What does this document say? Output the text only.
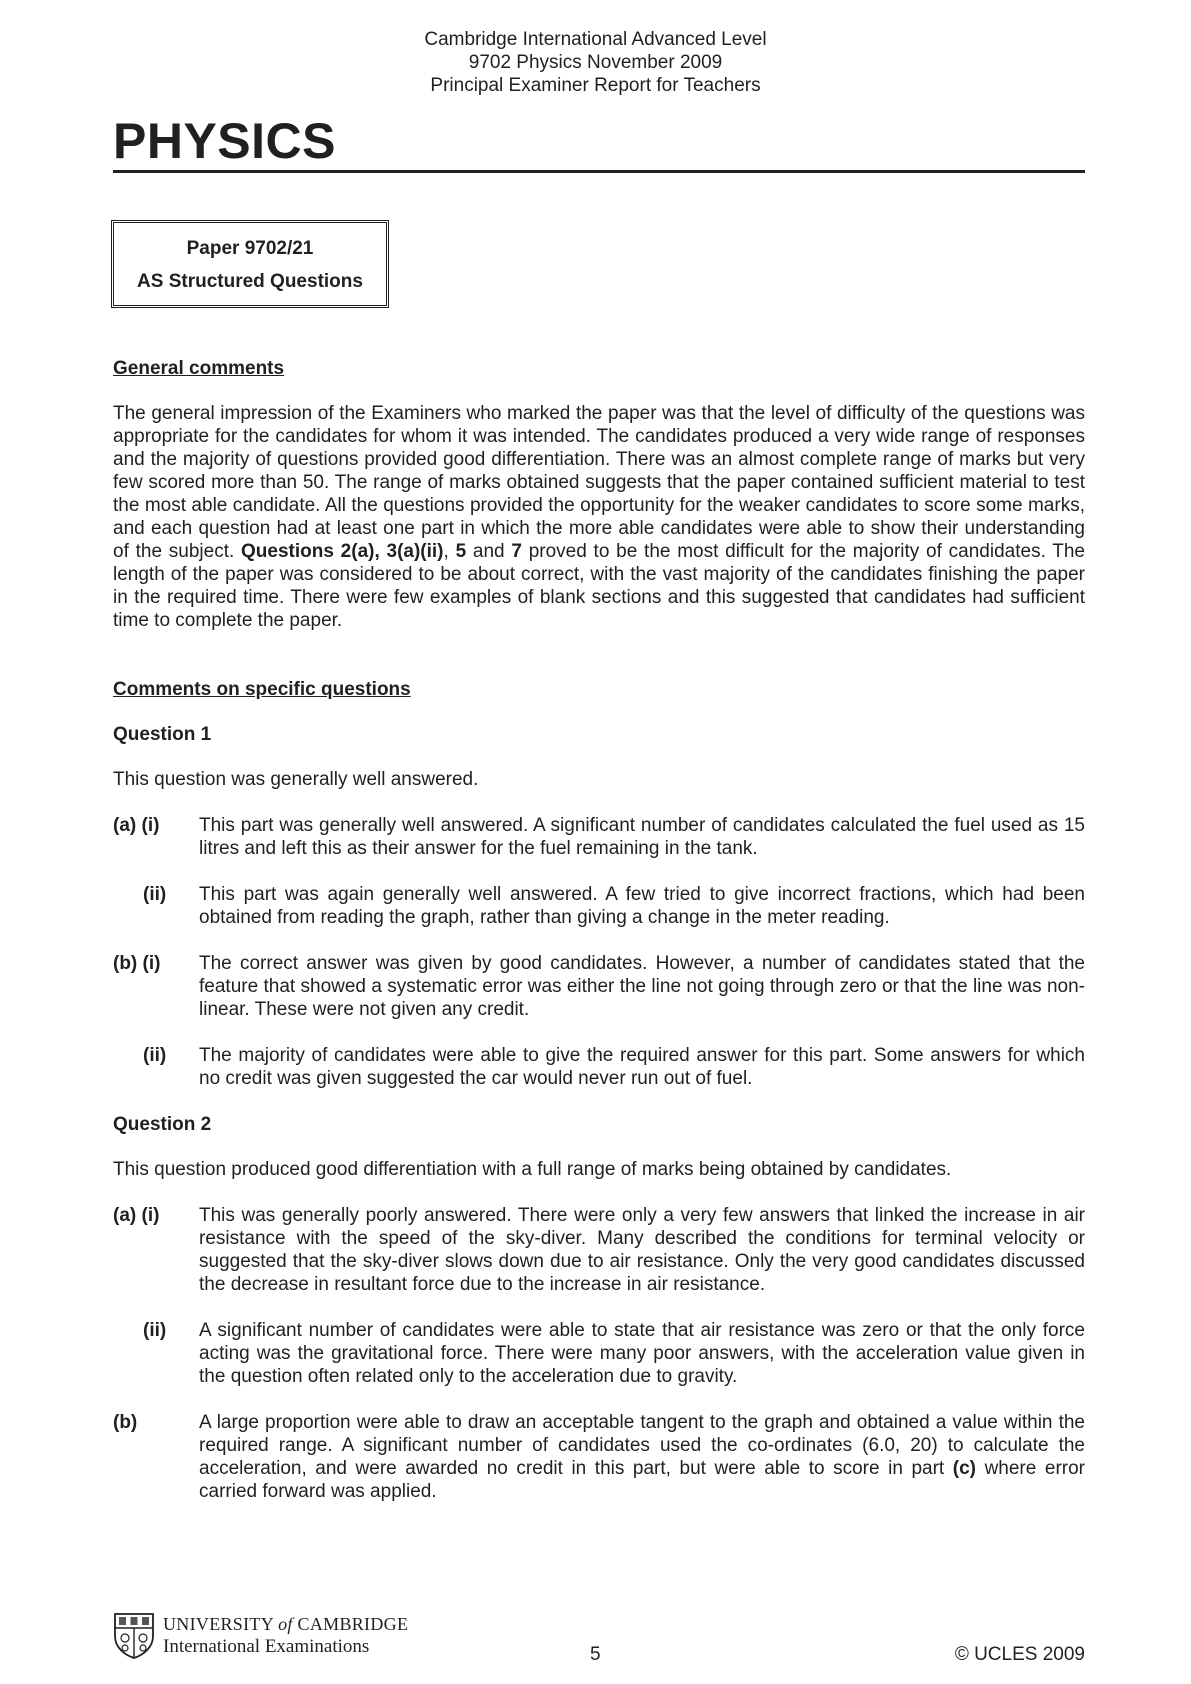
Cambridge International Advanced Level
9702 Physics November 2009
Principal Examiner Report for Teachers
PHYSICS
Paper 9702/21
AS Structured Questions
General comments

The general impression of the Examiners who marked the paper was that the level of difficulty of the questions was appropriate for the candidates for whom it was intended. The candidates produced a very wide range of responses and the majority of questions provided good differentiation. There was an almost complete range of marks but very few scored more than 50. The range of marks obtained suggests that the paper contained sufficient material to test the most able candidate. All the questions provided the opportunity for the weaker candidates to score some marks, and each question had at least one part in which the more able candidates were able to show their understanding of the subject. Questions 2(a), 3(a)(ii), 5 and 7 proved to be the most difficult for the majority of candidates. The length of the paper was considered to be about correct, with the vast majority of the candidates finishing the paper in the required time. There were few examples of blank sections and this suggested that candidates had sufficient time to complete the paper.

Comments on specific questions
Question 1

This question was generally well answered.

(a) (i) This part was generally well answered. A significant number of candidates calculated the fuel used as 15 litres and left this as their answer for the fuel remaining in the tank.
(ii) This part was again generally well answered. A few tried to give incorrect fractions, which had been obtained from reading the graph, rather than giving a change in the meter reading.
(b) (i) The correct answer was given by good candidates. However, a number of candidates stated that the feature that showed a systematic error was either the line not going through zero or that the line was non-linear. These were not given any credit.
(ii) The majority of candidates were able to give the required answer for this part. Some answers for which no credit was given suggested the car would never run out of fuel.
Question 2

This question produced good differentiation with a full range of marks being obtained by candidates.

(a) (i) This was generally poorly answered. There were only a very few answers that linked the increase in air resistance with the speed of the sky-diver. Many described the conditions for terminal velocity or suggested that the sky-diver slows down due to air resistance. Only the very good candidates discussed the decrease in resultant force due to the increase in air resistance.
(ii) A significant number of candidates were able to state that air resistance was zero or that the only force acting was the gravitational force. There were many poor answers, with the acceleration value given in the question often related only to the acceleration due to gravity.
(b)	A large proportion were able to draw an acceptable tangent to the graph and obtained a value within the required range. A significant number of candidates used the co-ordinates (6.0, 20) to calculate the acceleration, and were awarded no credit in this part, but were able to score in part (c) where error carried forward was applied.
UNIVERSITY of CAMBRIDGE
International Examinations	5	© UCLES 2009
